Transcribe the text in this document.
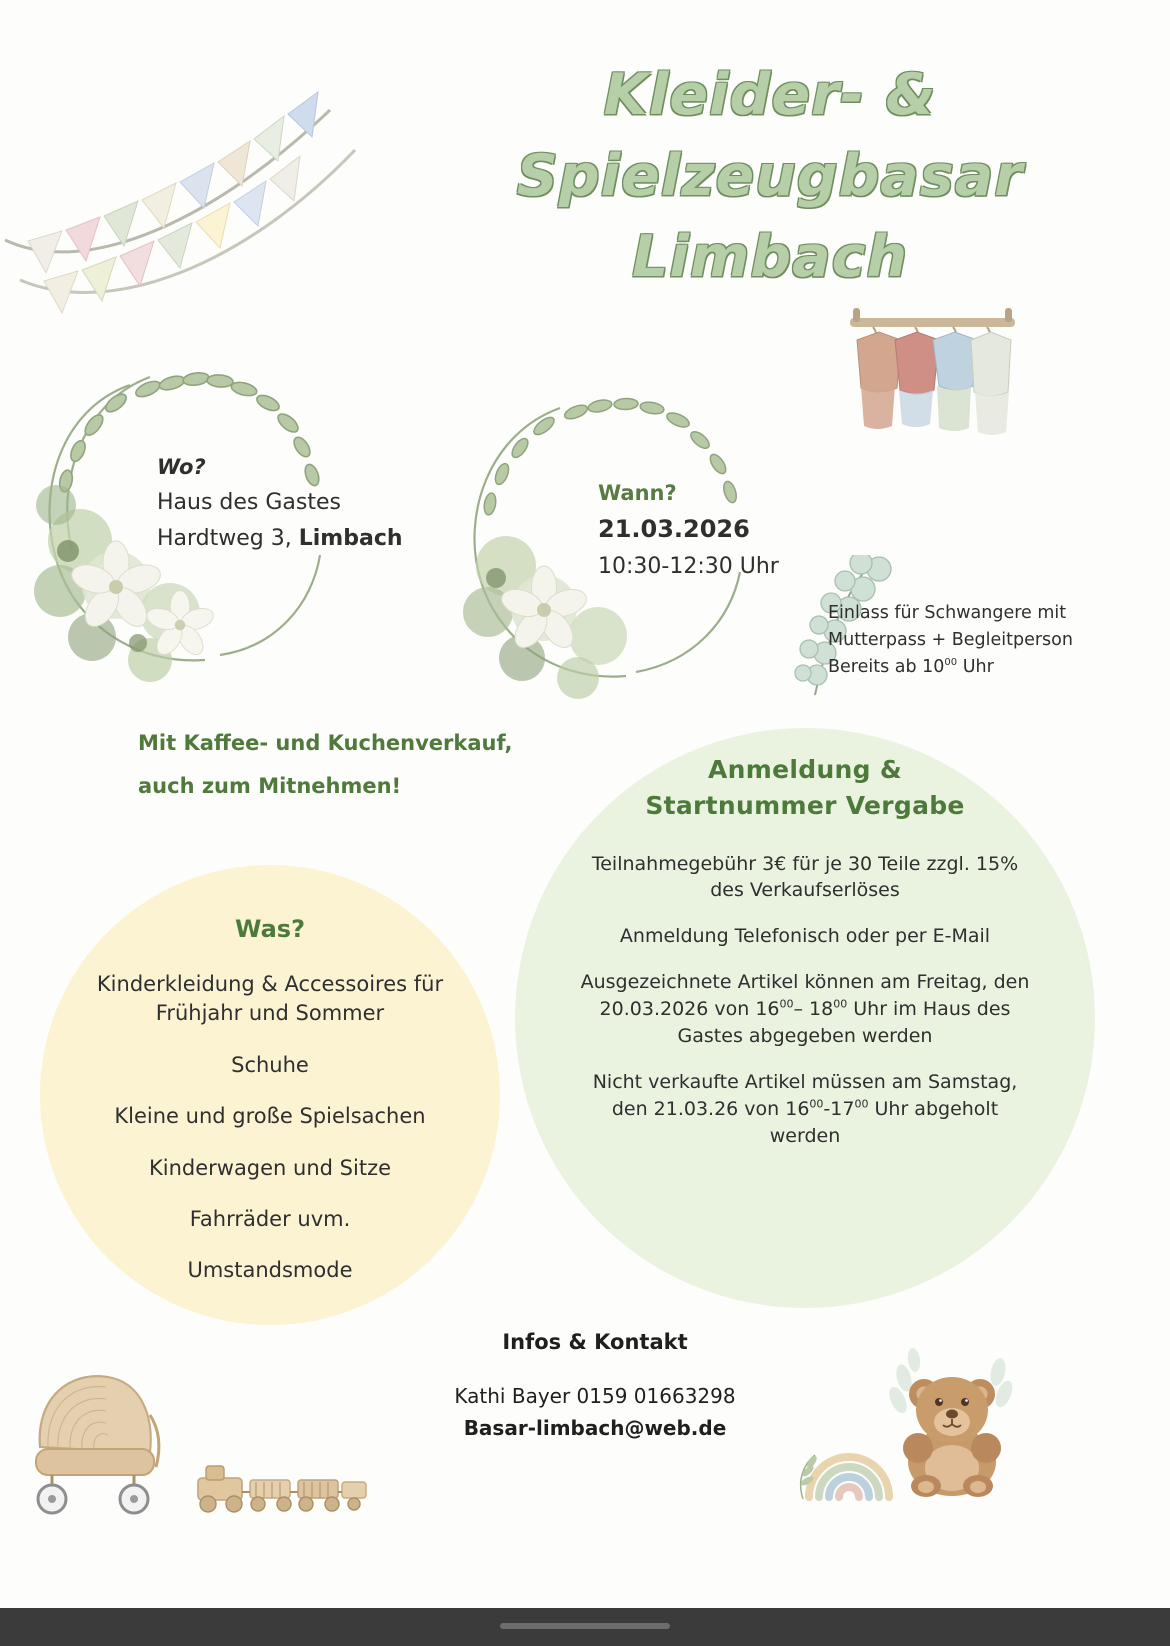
Kleider- &
Spielzeugbasar
Limbach
Wo?
Haus des Gastes
Hardtweg 3, Limbach
Wann?
21.03.2026
10:30-12:30 Uhr
Einlass für Schwangere mit
Mutterpass + Begleitperson
Bereits ab $10^{00}$ Uhr
Mit Kaffee- und Kuchenverkauf,
auch zum Mitnehmen!
Anmeldung &
Startnummer Vergabe

Teilnahmegebühr 3€ für je 30 Teile zzgl. 15% des Verkaufserlöses

Anmeldung Telefonisch oder per E-Mail

Ausgezeichnete Artikel können am Freitag, den 20.03.2026 von $16^{00}-$ $18^{00}$ Uhr im Haus des Gastes abgegeben werden

Nicht verkaufte Artikel müssen am Samstag, den 21.03.26 von $16^{00}-17^{00}$ Uhr abgeholt werden

Was?

Kinderkleidung & Accessoires für Frühjahr und Sommer

Schuhe

Kleine und große Spielsachen

Kinderwagen und Sitze

Fahrräder uvm.

Umstandsmode

Infos & Kontakt
Kathi Bayer 0159 01663298
Basar-limbach@web.de
